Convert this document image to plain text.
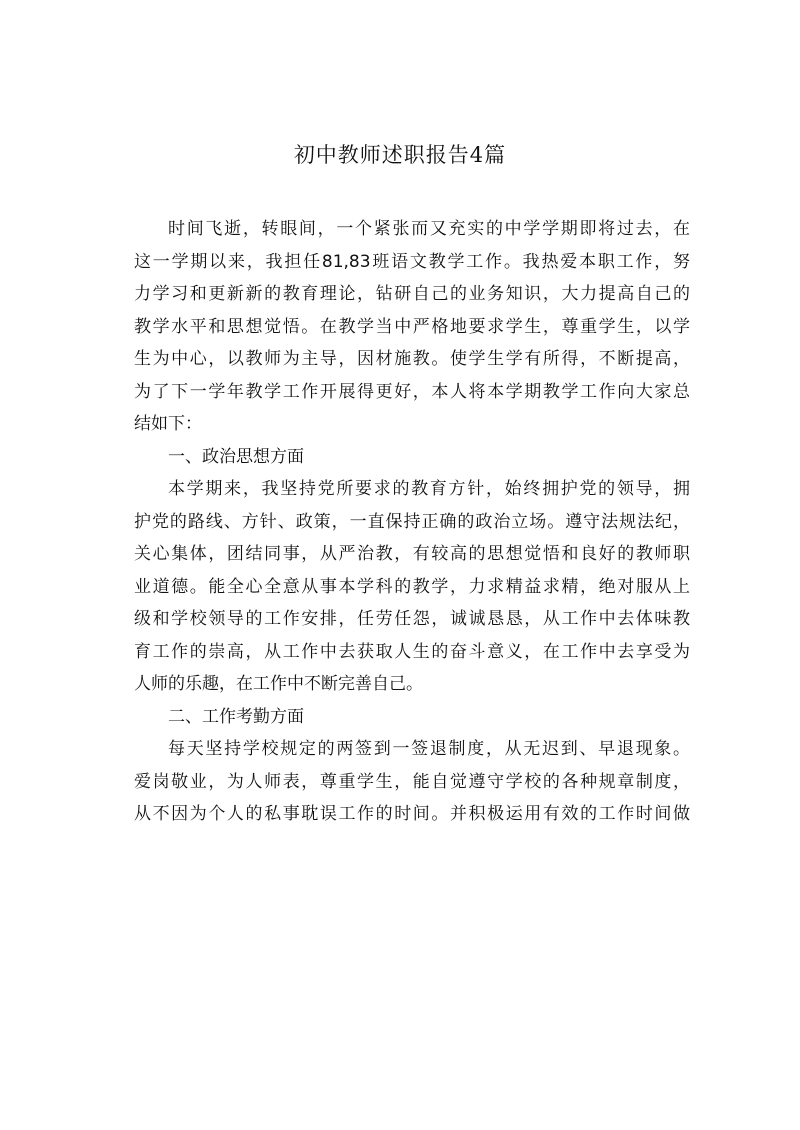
初中教师述职报告4篇
时间飞逝，转眼间，一个紧张而又充实的中学学期即将过去，在
这一学期以来，我担任81,83班语文教学工作。我热爱本职工作，努
力学习和更新新的教育理论，钻研自己的业务知识，大力提高自己的
教学水平和思想觉悟。在教学当中严格地要求学生，尊重学生，以学
生为中心，以教师为主导，因材施教。使学生学有所得，不断提高，
为了下一学年教学工作开展得更好，本人将本学期教学工作向大家总
结如下：
一、政治思想方面
本学期来，我坚持党所要求的教育方针，始终拥护党的领导，拥
护党的路线、方针、政策，一直保持正确的政治立场。遵守法规法纪，
关心集体，团结同事，从严治教，有较高的思想觉悟和良好的教师职
业道德。能全心全意从事本学科的教学，力求精益求精，绝对服从上
级和学校领导的工作安排，任劳任怨，诚诚恳恳，从工作中去体味教
育工作的崇高，从工作中去获取人生的奋斗意义，在工作中去享受为
人师的乐趣，在工作中不断完善自己。
二、工作考勤方面
每天坚持学校规定的两签到一签退制度，从无迟到、早退现象。
爱岗敬业，为人师表，尊重学生，能自觉遵守学校的各种规章制度，
从不因为个人的私事耽误工作的时间。并积极运用有效的工作时间做
